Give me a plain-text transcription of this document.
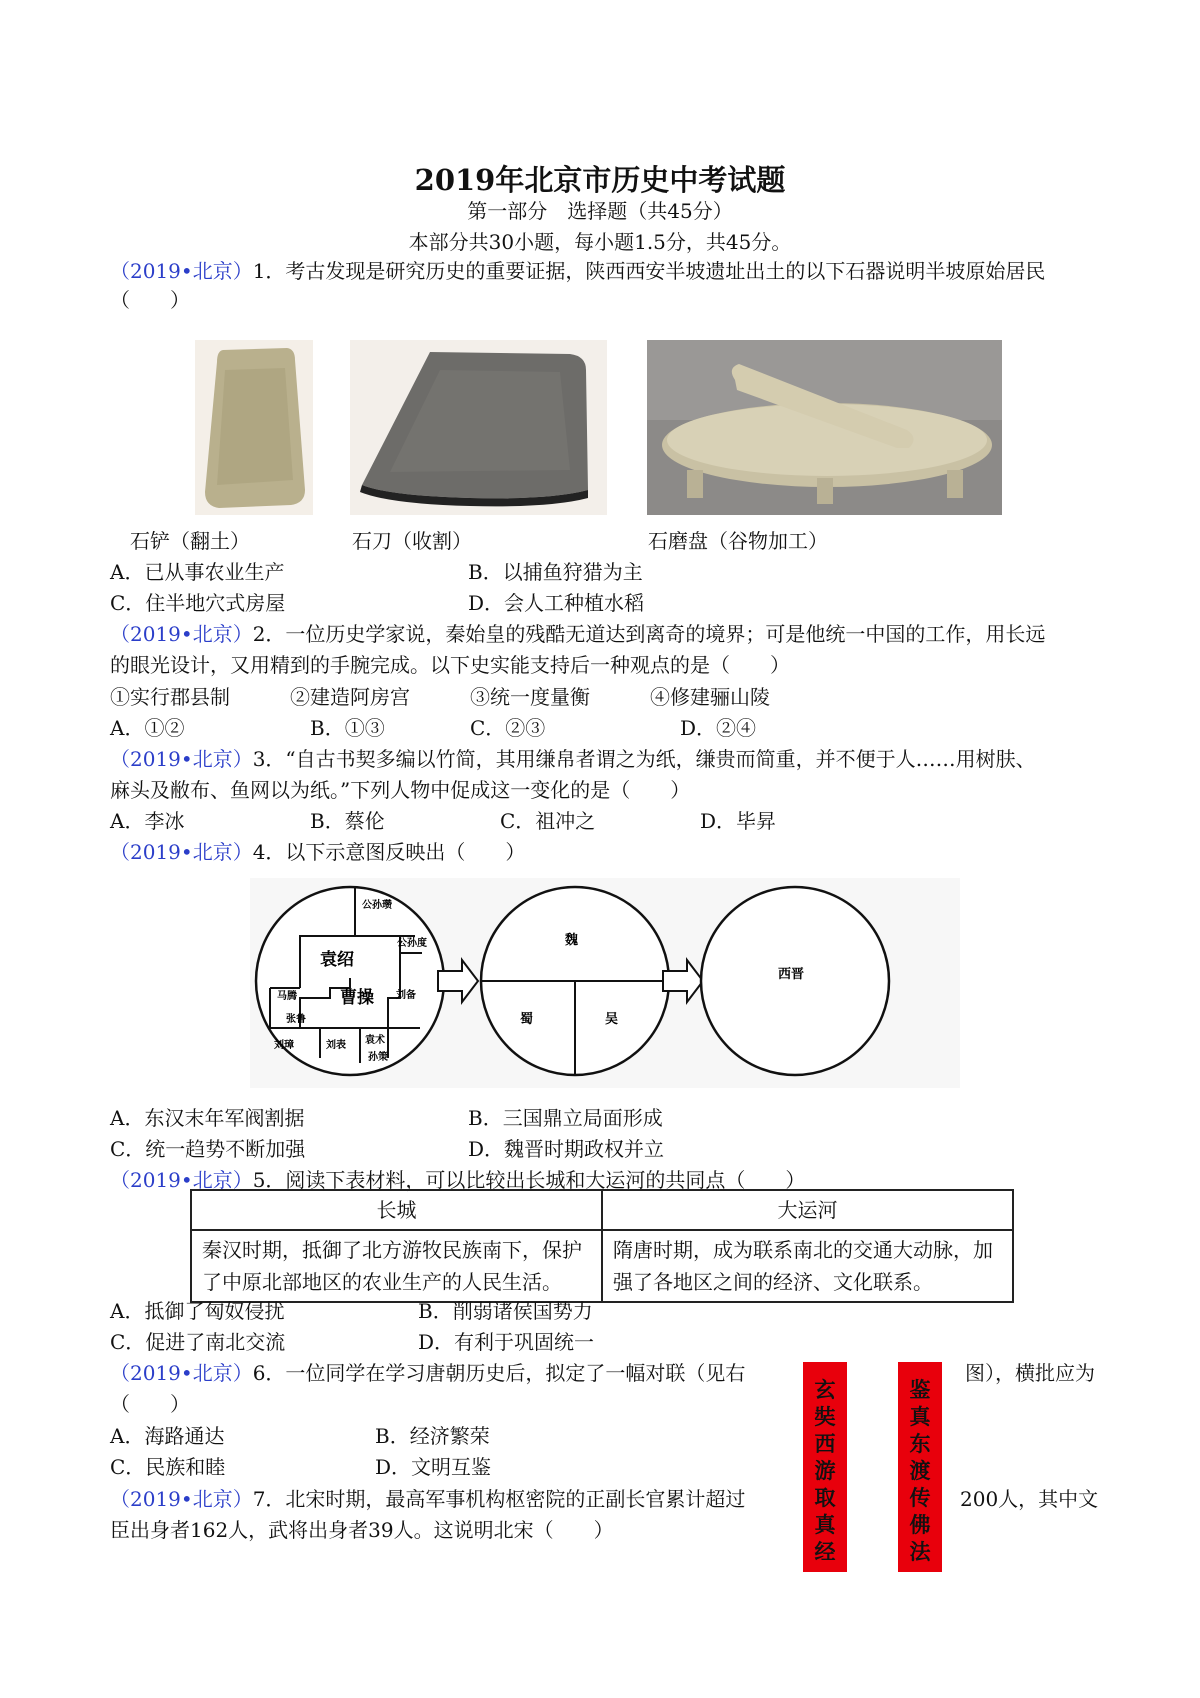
2019年北京市历史中考试题
第一部分　选择题（共45分）
本部分共30小题，每小题1.5分，共45分。
（2019•北京）1．考古发现是研究历史的重要证据，陕西西安半坡遗址出土的以下石器说明半坡原始居民
（　　）
石铲（翻土）	石刀（收割）	石磨盘（谷物加工）
A．已从事农业生产	B．以捕鱼狩猎为主
C．住半地穴式房屋	D．会人工种植水稻
（2019•北京）2．一位历史学家说，秦始皇的残酷无道达到离奇的境界；可是他统一中国的工作，用长远
的眼光设计，又用精到的手腕完成。以下史实能支持后一种观点的是（　　）
①实行郡县制	②建造阿房宫	③统一度量衡	④修建骊山陵
A．①②	B．①③	C．②③	D．②④
（2019•北京）3．“自古书契多编以竹简，其用缣帛者谓之为纸，缣贵而简重，并不便于人……用树肤、
麻头及敝布、鱼网以为纸。”下列人物中促成这一变化的是（　　）
A．李冰	B．蔡伦	C．祖冲之	D．毕昇
（2019•北京）4．以下示意图反映出（　　）
公孙瓒
公孙度
袁绍
马腾	曹操 刘备
张鲁
刘璋	刘表 袁术
孙策
魏
蜀	吴
西晋
A．东汉末年军阀割据	B．三国鼎立局面形成
C．统一趋势不断加强	D．魏晋时期政权并立
（2019•北京）5．阅读下表材料，可以比较出长城和大运河的共同点（　　）
长城	大运河
秦汉时期，抵御了北方游牧民族南下，保护了中原北部地区的农业生产的人民生活。	隋唐时期，成为联系南北的交通大动脉，加强了各地区之间的经济、文化联系。
A．抵御了匈奴侵扰	B．削弱诸侯国势力
C．促进了南北交流	D．有利于巩固统一
（2019•北京）6．一位同学在学习唐朝历史后，拟定了一幅对联（见右	图），横批应为
（　　）
A．海路通达	B．经济繁荣
C．民族和睦	D．文明互鉴
玄
奘
西
游
取
真
经
鉴
真
东
渡
传
佛
法
（2019•北京）7．北宋时期，最高军事机构枢密院的正副长官累计超过	200人，其中文
臣出身者162人，武将出身者39人。这说明北宋（　　）
